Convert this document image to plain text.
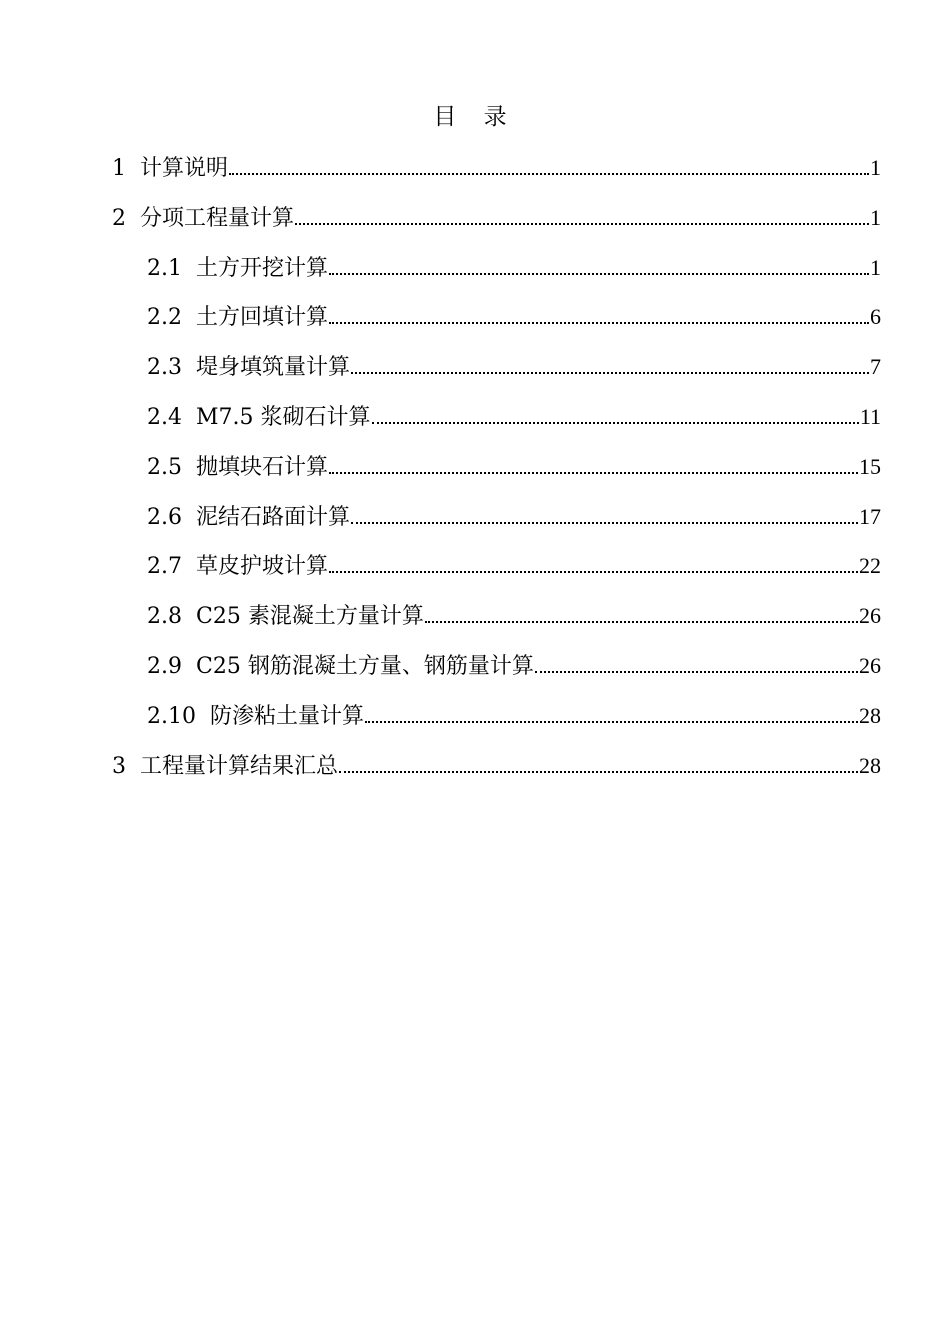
目 录
1 计算说明	1
2 分项工程量计算	1
2.1 土方开挖计算	1
2.2 土方回填计算	6
2.3 堤身填筑量计算	7
2.4 M7.5 浆砌石计算	11
2.5 抛填块石计算	15
2.6 泥结石路面计算	17
2.7 草皮护坡计算	22
2.8 C25 素混凝土方量计算	26
2.9 C25 钢筋混凝土方量、钢筋量计算	26
2.10 防渗粘土量计算	28
3 工程量计算结果汇总	28
